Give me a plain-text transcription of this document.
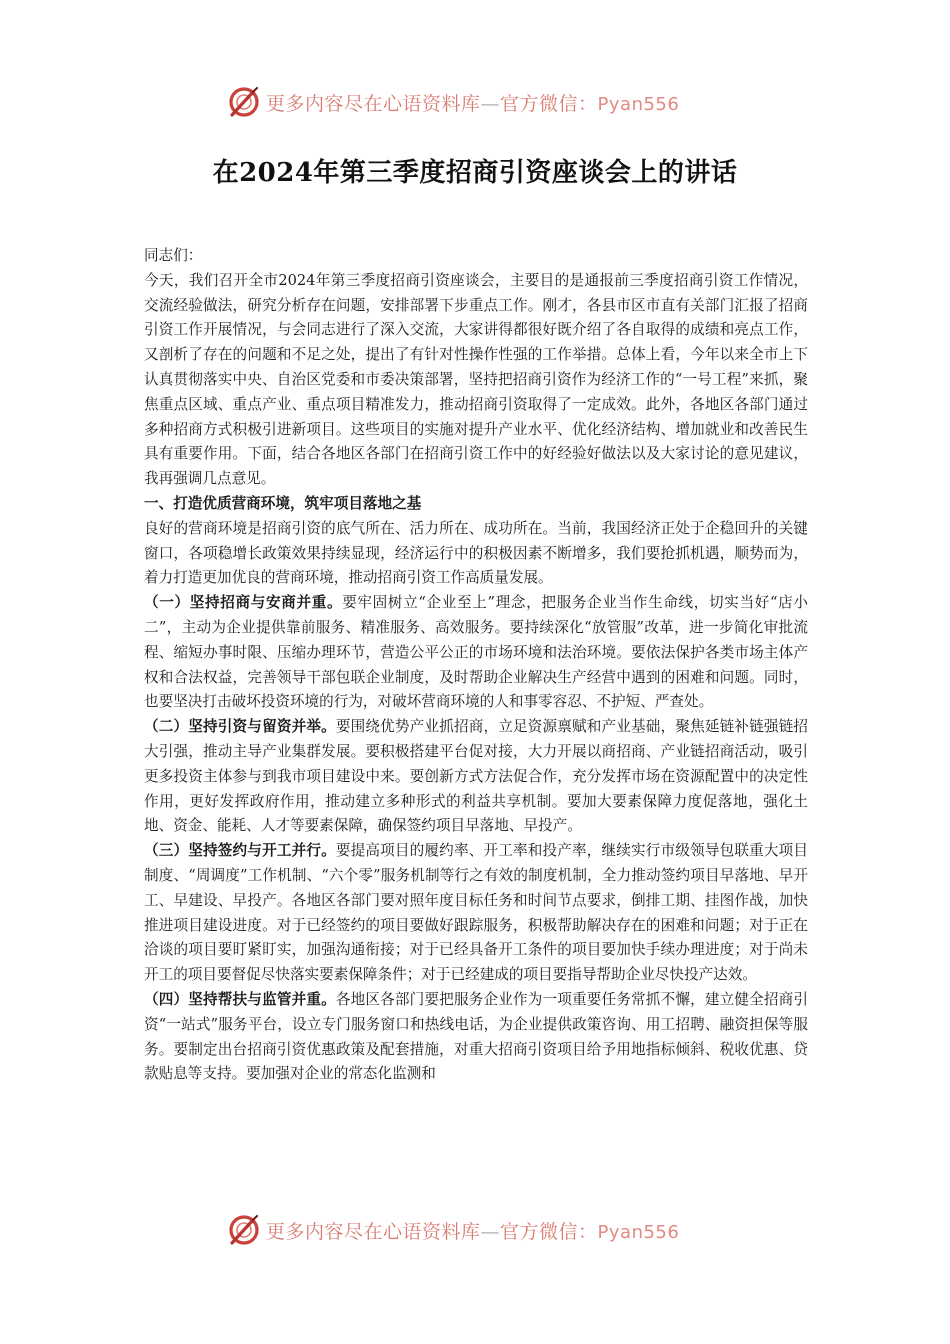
更多内容尽在心语资料库—官方微信：Pyan556
在2024年第三季度招商引资座谈会上的讲话

同志们：

今天，我们召开全市2024年第三季度招商引资座谈会，主要目的是通报前三季度招商引资工作情况，交流经验做法，研究分析存在问题，安排部署下步重点工作。刚才，各县市区市直有关部门汇报了招商引资工作开展情况，与会同志进行了深入交流，大家讲得都很好既介绍了各自取得的成绩和亮点工作，又剖析了存在的问题和不足之处，提出了有针对性操作性强的工作举措。总体上看，今年以来全市上下认真贯彻落实中央、自治区党委和市委决策部署，坚持把招商引资作为经济工作的“一号工程”来抓，聚焦重点区域、重点产业、重点项目精准发力，推动招商引资取得了一定成效。此外，各地区各部门通过多种招商方式积极引进新项目。这些项目的实施对提升产业水平、优化经济结构、增加就业和改善民生具有重要作用。下面，结合各地区各部门在招商引资工作中的好经验好做法以及大家讨论的意见建议，我再强调几点意见。

一、打造优质营商环境，筑牢项目落地之基

良好的营商环境是招商引资的底气所在、活力所在、成功所在。当前，我国经济正处于企稳回升的关键窗口，各项稳增长政策效果持续显现，经济运行中的积极因素不断增多，我们要抢抓机遇，顺势而为，着力打造更加优良的营商环境，推动招商引资工作高质量发展。

（一）坚持招商与安商并重。要牢固树立“企业至上”理念，把服务企业当作生命线，切实当好“店小二”，主动为企业提供靠前服务、精准服务、高效服务。要持续深化“放管服”改革，进一步简化审批流程、缩短办事时限、压缩办理环节，营造公平公正的市场环境和法治环境。要依法保护各类市场主体产权和合法权益，完善领导干部包联企业制度，及时帮助企业解决生产经营中遇到的困难和问题。同时，也要坚决打击破坏投资环境的行为，对破坏营商环境的人和事零容忍、不护短、严查处。

（二）坚持引资与留资并举。要围绕优势产业抓招商，立足资源禀赋和产业基础，聚焦延链补链强链招大引强，推动主导产业集群发展。要积极搭建平台促对接，大力开展以商招商、产业链招商活动，吸引更多投资主体参与到我市项目建设中来。要创新方式方法促合作，充分发挥市场在资源配置中的决定性作用，更好发挥政府作用，推动建立多种形式的利益共享机制。要加大要素保障力度促落地，强化土地、资金、能耗、人才等要素保障，确保签约项目早落地、早投产。

（三）坚持签约与开工并行。要提高项目的履约率、开工率和投产率，继续实行市级领导包联重大项目制度、“周调度”工作机制、“六个零”服务机制等行之有效的制度机制，全力推动签约项目早落地、早开工、早建设、早投产。各地区各部门要对照年度目标任务和时间节点要求，倒排工期、挂图作战，加快推进项目建设进度。对于已经签约的项目要做好跟踪服务，积极帮助解决存在的困难和问题；对于正在洽谈的项目要盯紧盯实，加强沟通衔接；对于已经具备开工条件的项目要加快手续办理进度；对于尚未开工的项目要督促尽快落实要素保障条件；对于已经建成的项目要指导帮助企业尽快投产达效。

（四）坚持帮扶与监管并重。各地区各部门要把服务企业作为一项重要任务常抓不懈，建立健全招商引资“一站式”服务平台，设立专门服务窗口和热线电话，为企业提供政策咨询、用工招聘、融资担保等服务。要制定出台招商引资优惠政策及配套措施，对重大招商引资项目给予用地指标倾斜、税收优惠、贷款贴息等支持。要加强对企业的常态化监测和

更多内容尽在心语资料库—官方微信：Pyan556
